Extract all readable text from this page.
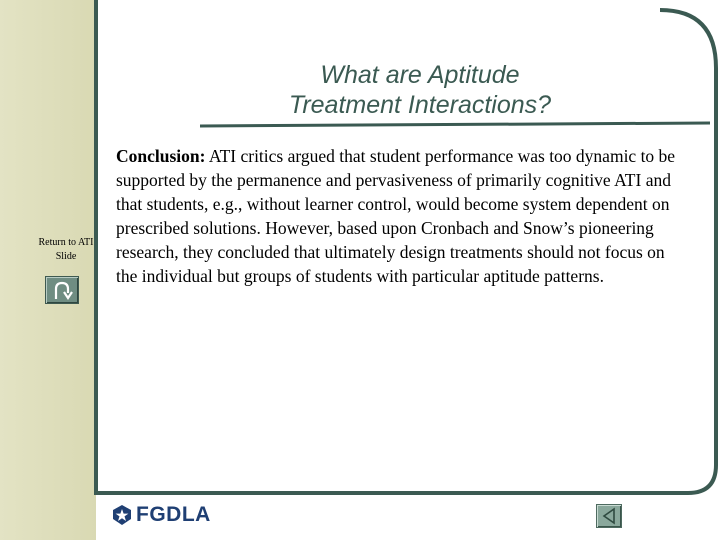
What are Aptitude
Treatment Interactions?
Conclusion: ATI critics argued that student performance was too dynamic to be supported by the permanence and pervasiveness of primarily cognitive ATI and that students, e.g., without learner control, would become system dependent on prescribed solutions. However, based upon Cronbach and Snow’s pioneering research, they concluded that ultimately design treatments should not focus on the individual but groups of students with particular aptitude patterns.
Return to ATI Slide
FGDLA
